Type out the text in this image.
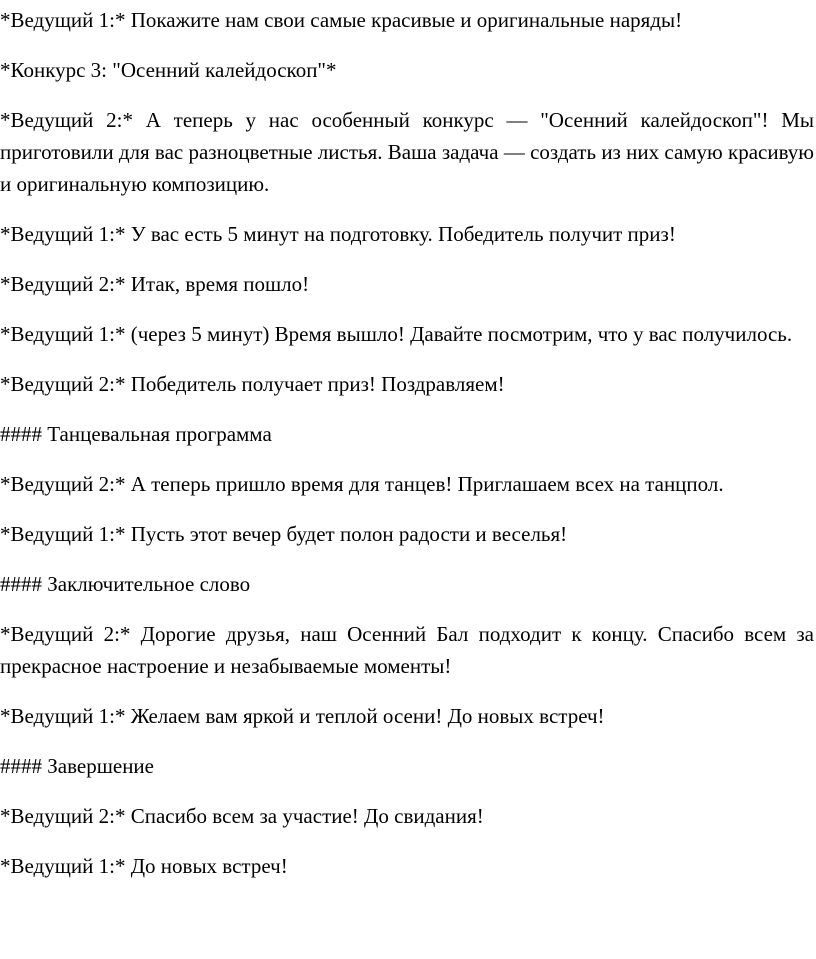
*Ведущий 1:* Покажите нам свои самые красивые и оригинальные наряды!

*Конкурс 3: "Осенний калейдоскоп"*

*Ведущий 2:* А теперь у нас особенный конкурс — "Осенний калейдоскоп"! Мы приготовили для вас разноцветные листья. Ваша задача — создать из них самую красивую и оригинальную композицию.

*Ведущий 1:* У вас есть 5 минут на подготовку. Победитель получит приз!

*Ведущий 2:* Итак, время пошло!

*Ведущий 1:* (через 5 минут) Время вышло! Давайте посмотрим, что у вас получилось.

*Ведущий 2:* Победитель получает приз! Поздравляем!

#### Танцевальная программа

*Ведущий 2:* А теперь пришло время для танцев! Приглашаем всех на танцпол.

*Ведущий 1:* Пусть этот вечер будет полон радости и веселья!

#### Заключительное слово

*Ведущий 2:* Дорогие друзья, наш Осенний Бал подходит к концу. Спасибо всем за прекрасное настроение и незабываемые моменты!

*Ведущий 1:* Желаем вам яркой и теплой осени! До новых встреч!

#### Завершение

*Ведущий 2:* Спасибо всем за участие! До свидания!

*Ведущий 1:* До новых встреч!
